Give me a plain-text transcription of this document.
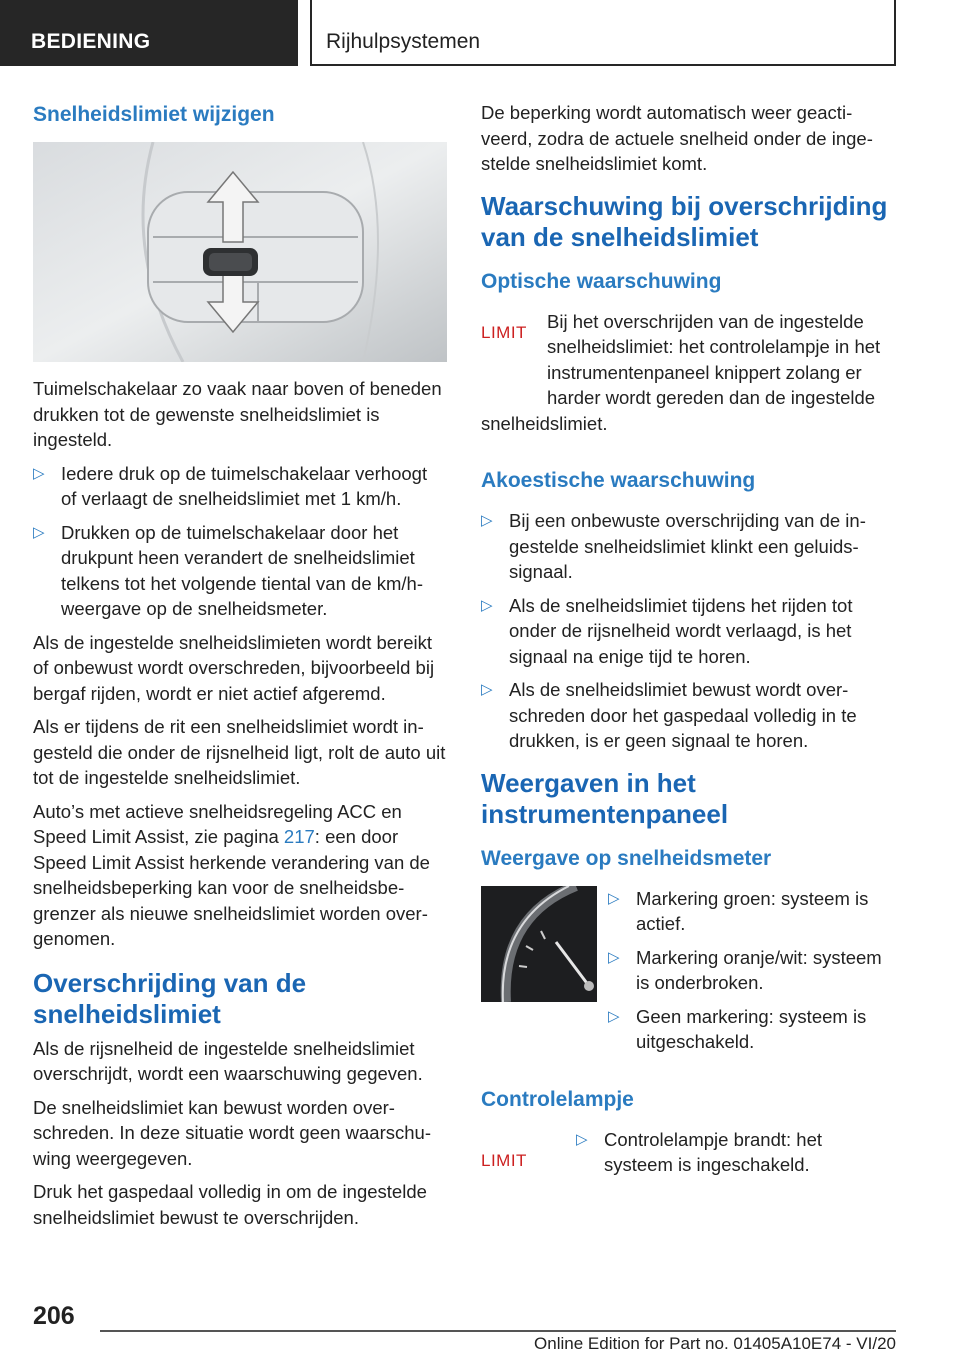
BEDIENING	Rijhulpsystemen
Snelheidslimiet wijzigen

Tuimelschakelaar zo vaak naar boven of beneden drukken tot de gewenste snelheidslimiet is ingesteld.

▷ Iedere druk op de tuimelschakelaar verhoogt of verlaagt de snelheidslimiet met 1 km/h.
▷ Drukken op de tuimelschakelaar door het drukpunt heen verandert de snelheidslimiet telkens tot het volgende tiental van de km/h-weergave op de snelheidsmeter.

Als de ingestelde snelheidslimieten wordt bereikt of onbewust wordt overschreden, bijvoorbeeld bij bergaf rijden, wordt er niet actief afgeremd.

Als er tijdens de rit een snelheidslimiet wordt ingesteld die onder de rijsnelheid ligt, rolt de auto uit tot de ingestelde snelheidslimiet.

Auto’s met actieve snelheidsregeling ACC en Speed Limit Assist, zie pagina 217: een door Speed Limit Assist herkende verandering van de snelheidsbeperking kan voor de snelheidsbegrenzer als nieuwe snelheidslimiet worden overgenomen.

Overschrijding van de snelheidslimiet

Als de rijsnelheid de ingestelde snelheidslimiet overschrijdt, wordt een waarschuwing gegeven.

De snelheidslimiet kan bewust worden overschreden. In deze situatie wordt geen waarschuwing weergegeven.

Druk het gaspedaal volledig in om de ingestelde snelheidslimiet bewust te overschrijden.

De beperking wordt automatisch weer geactiveerd, zodra de actuele snelheid onder de ingestelde snelheidslimiet komt.

Waarschuwing bij overschrijding van de snelheidslimiet
Optische waarschuwing
LIMIT

Bij het overschrijden van de ingestelde snelheidslimiet: het controlelampje in het instrumentenpaneel knippert zolang er harder wordt gereden dan de ingestelde snelheidslimiet.

Akoestische waarschuwing
▷ Bij een onbewuste overschrijding van de ingestelde snelheidslimiet klinkt een geluidssignaal.
▷ Als de snelheidslimiet tijdens het rijden tot onder de rijsnelheid wordt verlaagd, is het signaal na enige tijd te horen.
▷ Als de snelheidslimiet bewust wordt overschreden door het gaspedaal volledig in te drukken, is er geen signaal te horen.
Weergaven in het instrumentenpaneel
Weergave op snelheidsmeter
▷ Markering groen: systeem is actief.
▷ Markering oranje/wit: systeem is onderbroken.
▷ Geen markering: systeem is uitgeschakeld.
Controlelampje
LIMIT
▷ Controlelampje brandt: het systeem is ingeschakeld.
206
Online Edition for Part no. 01405A10E74 - VI/20
